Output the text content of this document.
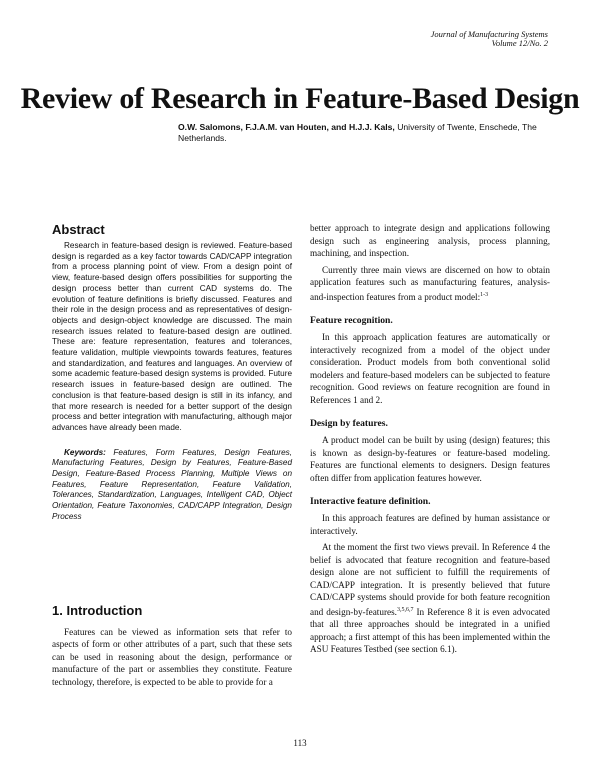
Journal of Manufacturing Systems
Volume 12/No. 2
Review of Research in Feature-Based Design
O.W. Salomons, F.J.A.M. van Houten, and H.J.J. Kals, University of Twente, Enschede, The Netherlands.
Abstract

Research in feature-based design is reviewed. Feature-based design is regarded as a key factor towards CAD/CAPP integration from a process planning point of view. From a design point of view, feature-based design offers possibilities for supporting the design process better than current CAD systems do. The evolution of feature definitions is briefly discussed. Features and their role in the design process and as representatives of design-objects and design-object knowledge are discussed. The main research issues related to feature-based design are outlined. These are: feature representation, features and tolerances, feature validation, multiple viewpoints towards features, features and standardization, and features and languages. An overview of some academic feature-based design systems is provided. Future research issues in feature-based design are outlined. The conclusion is that feature-based design is still in its infancy, and that more research is needed for a better support of the design process and better integration with manufacturing, although major advances have already been made.

Keywords: Features, Form Features, Design Features, Manufacturing Features, Design by Features, Feature-Based Design, Feature-Based Process Planning, Multiple Views on Features, Feature Representation, Feature Validation, Tolerances, Standardization, Languages, Intelligent CAD, Object Orientation, Feature Taxonomies, CAD/CAPP Integration, Design Process

1. Introduction

Features can be viewed as information sets that refer to aspects of form or other attributes of a part, such that these sets can be used in reasoning about the design, performance or manufacture of the part or assemblies they constitute. Feature technology, therefore, is expected to be able to provide for a

better approach to integrate design and applications following design such as engineering analysis, process planning, machining, and inspection.

Currently three main views are discerned on how to obtain application features such as manufacturing features, analysis-and-inspection features from a product model:$^{1-3}$

Feature recognition.

In this approach application features are automatically or interactively recognized from a model of the object under consideration. Product models from both conventional solid modelers and feature-based modelers can be subjected to feature recognition. Good reviews on feature recognition are found in References 1 and 2.

Design by features.

A product model can be built by using (design) features; this is known as design-by-features or feature-based modeling. Features are functional elements to designers. Design features often differ from application features however.

Interactive feature definition.

In this approach features are defined by human assistance or interactively.

At the moment the first two views prevail. In Reference 4 the belief is advocated that feature recognition and feature-based design alone are not sufficient to fulfill the requirements of CAD/CAPP integration. It is presently believed that future CAD/CAPP systems should provide for both feature recognition and design-by-features.$^{3,5,6,7}$ In Reference 8 it is even advocated that all three approaches should be integrated in a unified approach; a first attempt of this has been implemented within the ASU Features Testbed (see section 6.1).

113
